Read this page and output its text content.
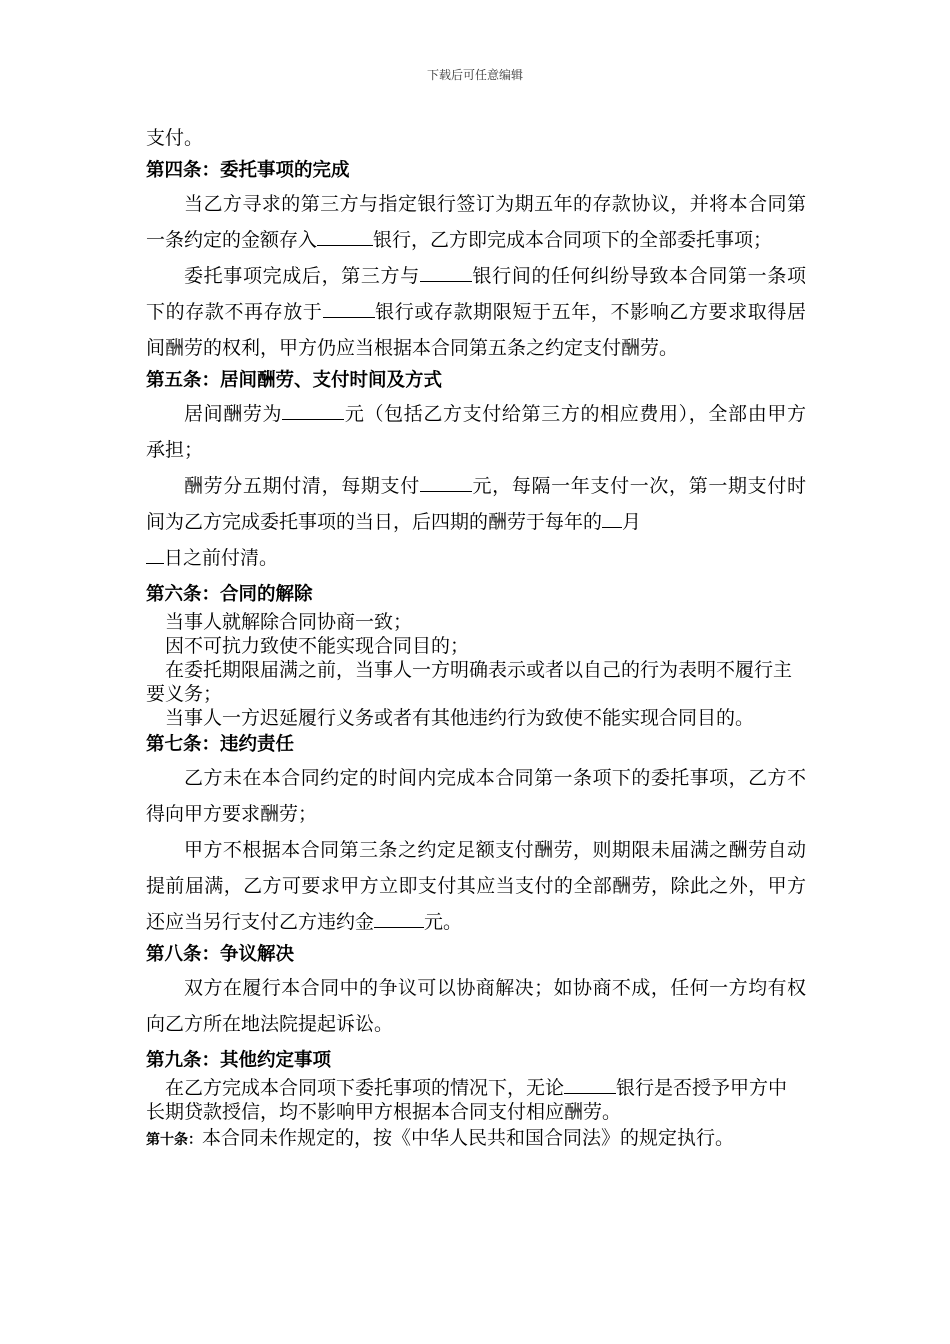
下载后可任意编辑

支付。

第四条：委托事项的完成

当乙方寻求的第三方与指定银行签订为期五年的存款协议，并将本合同第一条约定的金额存入	银行，乙方即完成本合同项下的全部委托事项；

委托事项完成后，第三方与	银行间的任何纠纷导致本合同第一条项下的存款不再存放于	银行或存款期限短于五年，不影响乙方要求取得居间酬劳的权利，甲方仍应当根据本合同第五条之约定支付酬劳。

第五条：居间酬劳、支付时间及方式

居间酬劳为	元（包括乙方支付给第三方的相应费用），全部由甲方承担；

酬劳分五期付清，每期支付	元，每隔一年支付一次，第一期支付时间为乙方完成委托事项的当日，后四期的酬劳于每年的 月
日之前付清。

第六条：合同的解除

当事人就解除合同协商一致；

因不可抗力致使不能实现合同目的；

在委托期限届满之前，当事人一方明确表示或者以自己的行为表明不履行主要义务；

当事人一方迟延履行义务或者有其他违约行为致使不能实现合同目的。

第七条：违约责任

乙方未在本合同约定的时间内完成本合同第一条项下的委托事项，乙方不得向甲方要求酬劳；

甲方不根据本合同第三条之约定足额支付酬劳，则期限未届满之酬劳自动提前届满，乙方可要求甲方立即支付其应当支付的全部酬劳，除此之外，甲方还应当另行支付乙方违约金	元。

第八条：争议解决

双方在履行本合同中的争议可以协商解决；如协商不成，任何一方均有权向乙方所在地法院提起诉讼。

第九条：其他约定事项

在乙方完成本合同项下委托事项的情况下，无论	银行是否授予甲方中长期贷款授信，均不影响甲方根据本合同支付相应酬劳。

第十条：本合同未作规定的，按《中华人民共和国合同法》的规定执行。
